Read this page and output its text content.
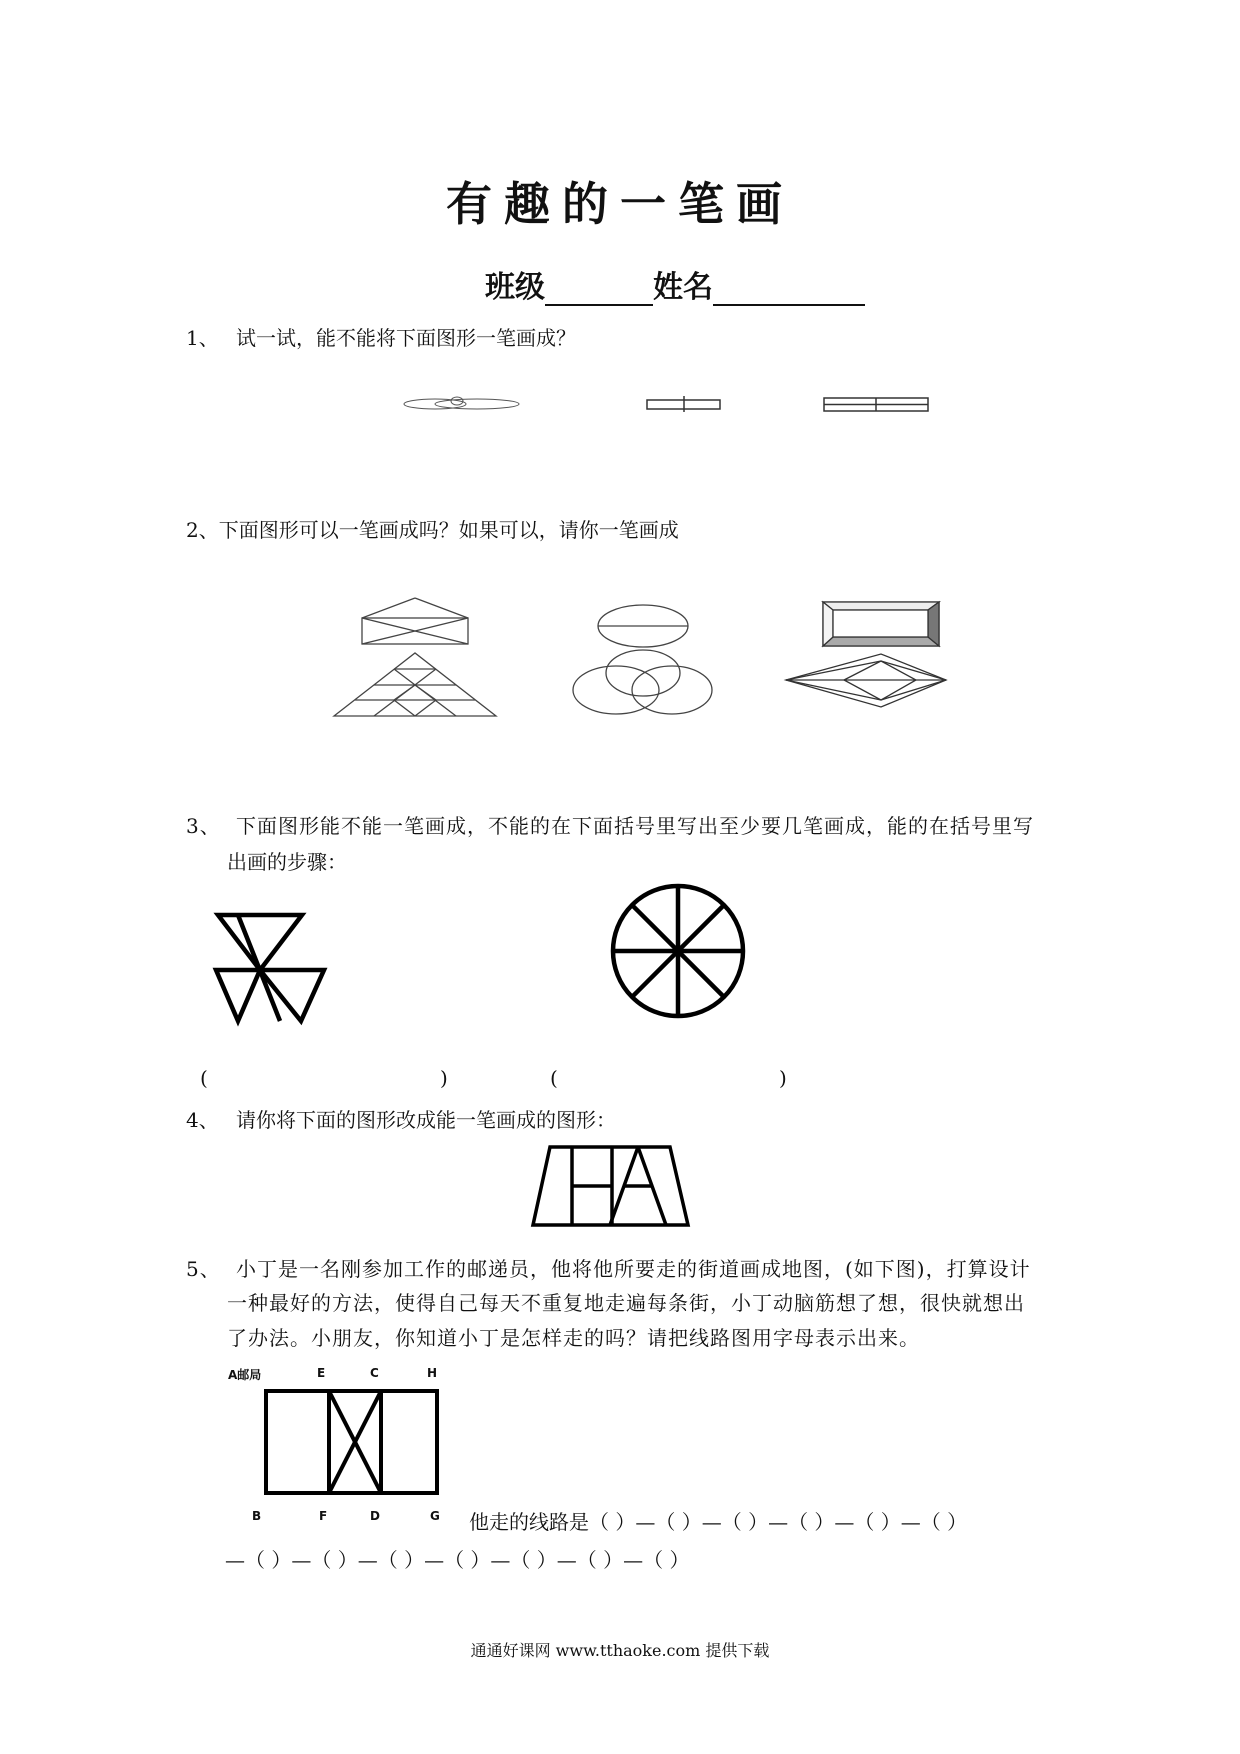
有趣的一笔画
班级	姓名
1、 试一试，能不能将下面图形一笔画成？
2、下面图形可以一笔画成吗？如果可以，请你一笔画成
3、 下面图形能不能一笔画成，不能的在下面括号里写出至少要几笔画成，能的在括号里写
出画的步骤：
(	)	(	)
4、 请你将下面的图形改成能一笔画成的图形：
5、 小丁是一名刚参加工作的邮递员，他将他所要走的街道画成地图，(如下图)，打算设计
一种最好的方法，使得自己每天不重复地走遍每条街，小丁动脑筋想了想，很快就想出
了办法。小朋友，你知道小丁是怎样走的吗？请把线路图用字母表示出来。
A邮局	E	C	H
B	F	D	G 他走的线路是（ ）—（ ）—（ ）—（ ）—（ ）—（ ）
—（ ）—（ ）—（ ）—（ ）—（ ）—（ ）—（ ）
通通好课网 www.tthaoke.com 提供下载
